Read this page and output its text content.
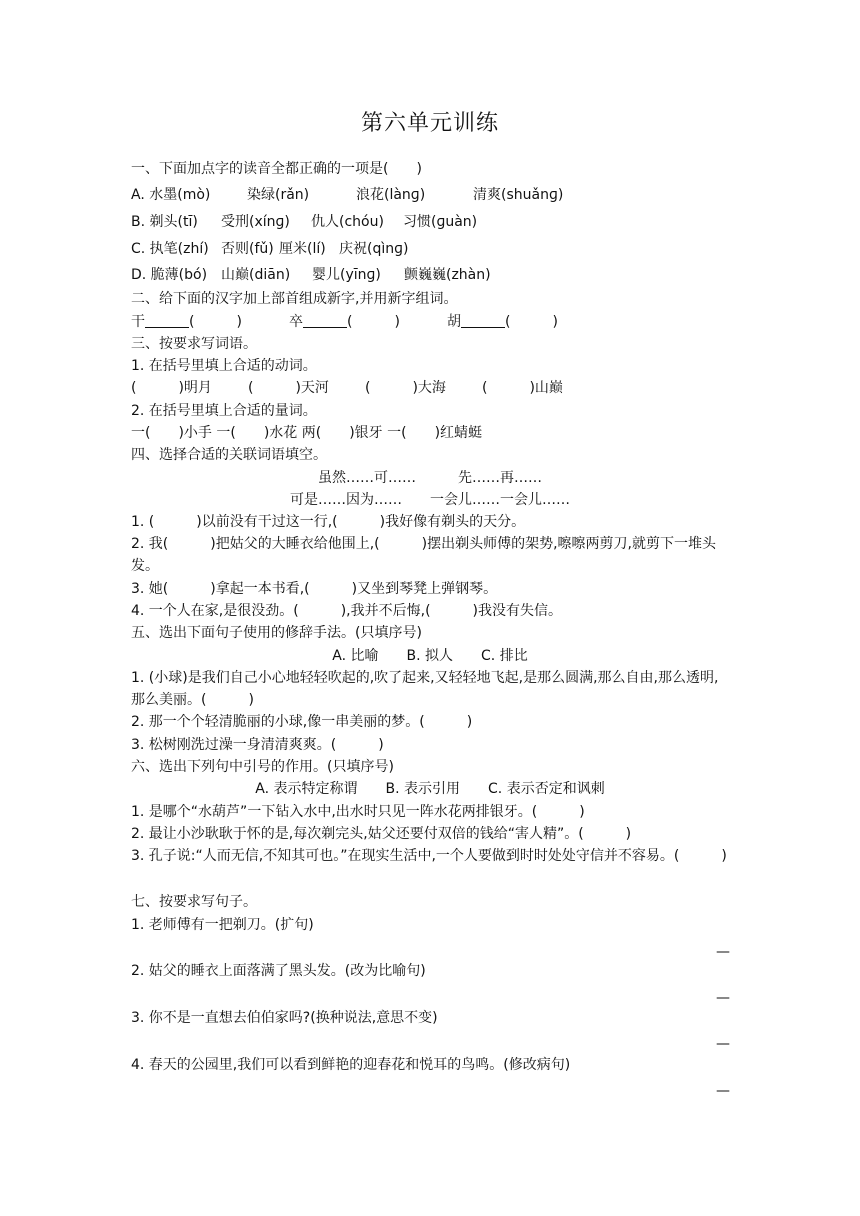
第六单元训练
一、下面加点字的读音全都正确的一项是(　　)
A. 水墨(mò)	染绿(rǎn)	浪花(lànɡ)	清爽(shuǎnɡ)
B. 剃头(tī)	受刑(xínɡ)	仇人(chóu)	习惯(ɡuàn)
C. 执笔(zhí) 否则(fǔ) 厘米(lí) 庆祝(qìnɡ)
D. 脆薄(bó) 山巅(diān)	婴儿(yīnɡ)	颤巍巍(zhàn)
二、给下面的汉字加上部首组成新字,并用新字组词。
干	(　　　)	卒	(　　　)	胡	(　　　)
三、按要求写词语。
1. 在括号里填上合适的动词。
(　　　)明月	(　　　)天河	(　　　)大海	(　　　)山巅
2. 在括号里填上合适的量词。
一(　　)小手 一(　　)水花 两(　　)银牙 一(　　)红蜻蜓
四、选择合适的关联词语填空。
虽然……可……　　　先……再……
可是……因为……　　一会儿……一会儿……
1. (　　　)以前没有干过这一行,(　　　)我好像有剃头的天分。
2. 我(　　　)把姑父的大睡衣给他围上,(　　　)摆出剃头师傅的架势,嚓嚓两剪刀,就剪下一堆头发。
3. 她(　　　)拿起一本书看,(　　　)又坐到琴凳上弹钢琴。
4. 一个人在家,是很没劲。(　　　),我并不后悔,(　　　)我没有失信。
五、选出下面句子使用的修辞手法。(只填序号)
A. 比喻　　B. 拟人　　C. 排比
1. (小球)是我们自己小心地轻轻吹起的,吹了起来,又轻轻地飞起,是那么圆满,那么自由,那么透明,那么美丽。(　　　)
2. 那一个个轻清脆丽的小球,像一串美丽的梦。(　　　)
3. 松树刚洗过澡一身清清爽爽。(　　　)
六、选出下列句中引号的作用。(只填序号)
A. 表示特定称谓　　B. 表示引用　　C. 表示否定和讽刺
1. 是哪个“水葫芦”一下钻入水中,出水时只见一阵水花两排银牙。(　　　)
2. 最让小沙耿耿于怀的是,每次剃完头,姑父还要付双倍的钱给“害人精”。(　　　)
3. 孔子说:“人而无信,不知其可也。”在现实生活中,一个人要做到时时处处守信并不容易。(　　　)
七、按要求写句子。
1. 老师傅有一把剃刀。(扩句)
—
2. 姑父的睡衣上面落满了黑头发。(改为比喻句)
—
3. 你不是一直想去伯伯家吗?(换种说法,意思不变)
—
4. 春天的公园里,我们可以看到鲜艳的迎春花和悦耳的鸟鸣。(修改病句)
—
